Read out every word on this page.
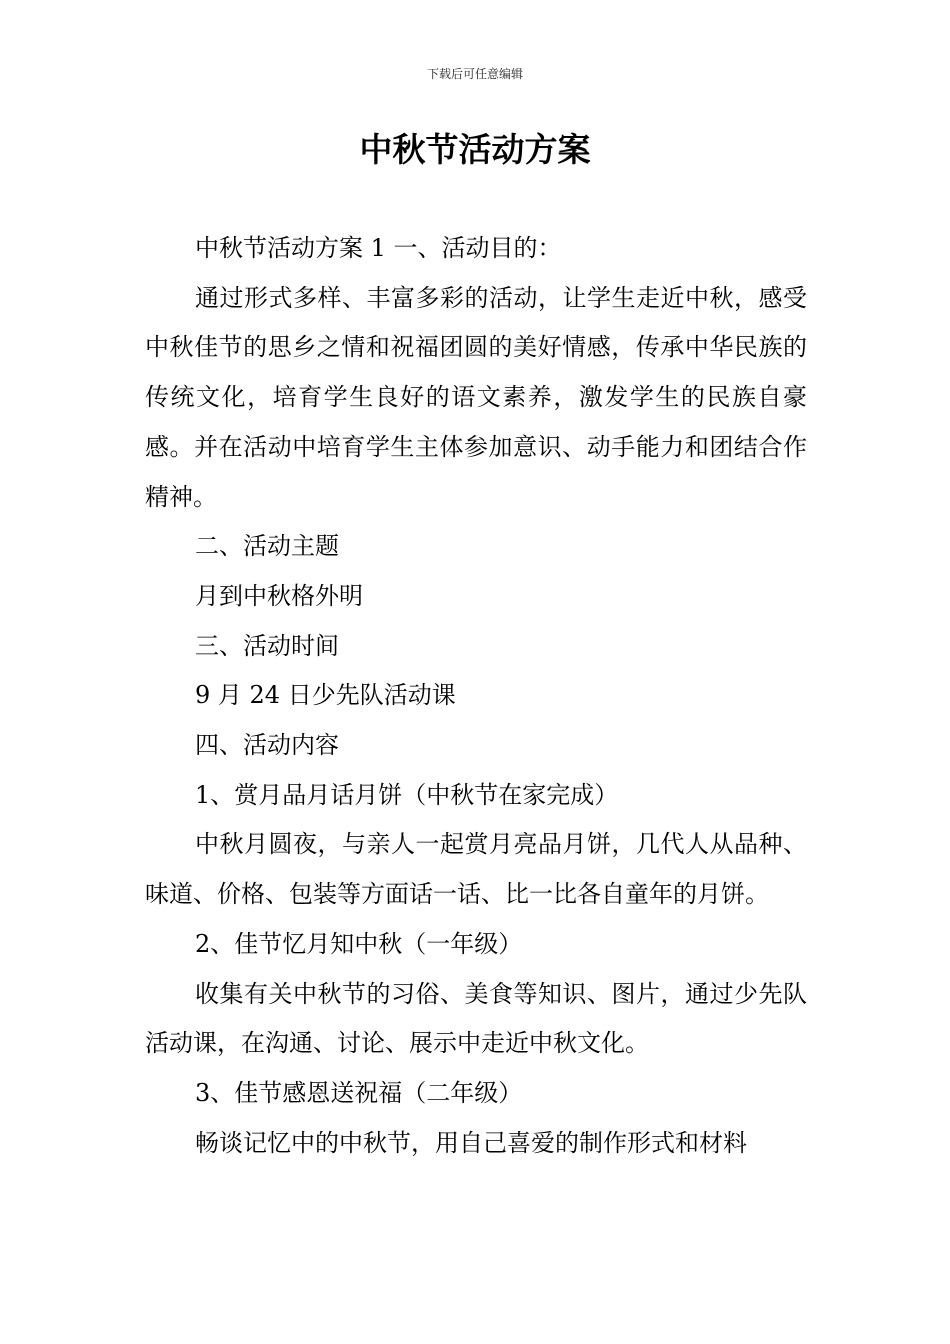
下载后可任意编辑
中秋节活动方案

中秋节活动方案 1 一、活动目的：

通过形式多样、丰富多彩的活动，让学生走近中秋，感受中秋佳节的思乡之情和祝福团圆的美好情感，传承中华民族的传统文化，培育学生良好的语文素养，激发学生的民族自豪感。并在活动中培育学生主体参加意识、动手能力和团结合作精神。

二、活动主题

月到中秋格外明

三、活动时间

9 月 24 日少先队活动课

四、活动内容

1、赏月品月话月饼（中秋节在家完成）

中秋月圆夜，与亲人一起赏月亮品月饼，几代人从品种、味道、价格、包装等方面话一话、比一比各自童年的月饼。

2、佳节忆月知中秋（一年级）

收集有关中秋节的习俗、美食等知识、图片，通过少先队活动课，在沟通、讨论、展示中走近中秋文化。

3、佳节感恩送祝福（二年级）

畅谈记忆中的中秋节，用自己喜爱的制作形式和材料
